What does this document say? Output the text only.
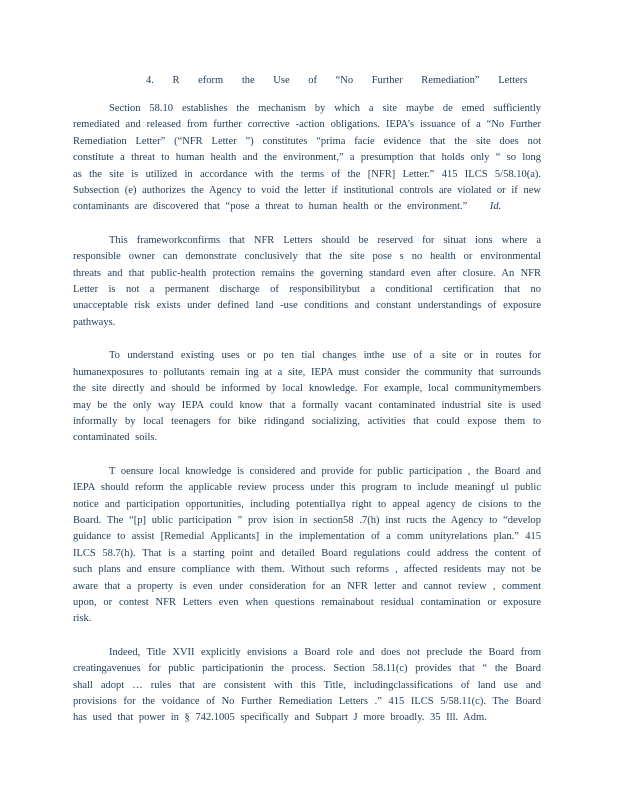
4. R eform the Use of “No Further Remediation” Letters

Section 58.10 establishes the mechanism by which a site maybe de emed sufficiently remediated and released from further corrective -action obligations. IEPA’s issuance of a “No Further Remediation Letter” (“NFR Letter ”) constitutes “prima facie evidence that the site does not constitute a threat to human health and the environment,” a presumption that holds only “ so long as the site is utilized in accordance with the terms of the [NFR] Letter.” 415 ILCS 5/58.10(a). Subsection (e) authorizes the Agency to void the letter if institutional controls are violated or if new contaminants are discovered that “pose a threat to human health or the environment.” Id.

This frameworkconfirms that NFR Letters should be reserved for situat ions where a responsible owner can demonstrate conclusively that the site pose s no health or environmental threats and that public-health protection remains the governing standard even after closure. An NFR Letter is not a permanent discharge of responsibilitybut a conditional certification that no unacceptable risk exists under defined land -use conditions and constant understandings of exposure pathways.

To understand existing uses or po ten tial changes inthe use of a site or in routes for humanexposures to pollutants remain ing at a site, IEPA must consider the community that surrounds the site directly and should be informed by local knowledge. For example, local communitymembers may be the only way IEPA could know that a formally vacant contaminated industrial site is used informally by local teenagers for bike ridingand socializing, activities that could expose them to contaminated soils.

T oensure local knowledge is considered and provide for public participation , the Board and IEPA should reform the applicable review process under this program to include meaningf ul public notice and participation opportunities, including potentiallya right to appeal agency de cisions to the Board. The “[p] ublic participation ” prov ision in section58 .7(h) inst ructs the Agency to “develop guidance to assist [Remedial Applicants] in the implementation of a comm unityrelations plan.” 415 ILCS 58.7(h). That is a starting point and detailed Board regulations could address the content of such plans and ensure compliance with them. Without such reforms , affected residents may not be aware that a property is even under consideration for an NFR letter and cannot review , comment upon, or contest NFR Letters even when questions remainabout residual contamination or exposure risk.

Indeed, Title XVII explicitly envisions a Board role and does not preclude the Board from creatingavenues for public participationin the process. Section 58.11(c) provides that “ the Board shall adopt … rules that are consistent with this Title, includingclassifications of land use and provisions for the voidance of No Further Remediation Letters .” 415 ILCS 5/58.11(c). The Board has used that power in § 742.1005 specifically and Subpart J more broadly. 35 Ill. Adm.
